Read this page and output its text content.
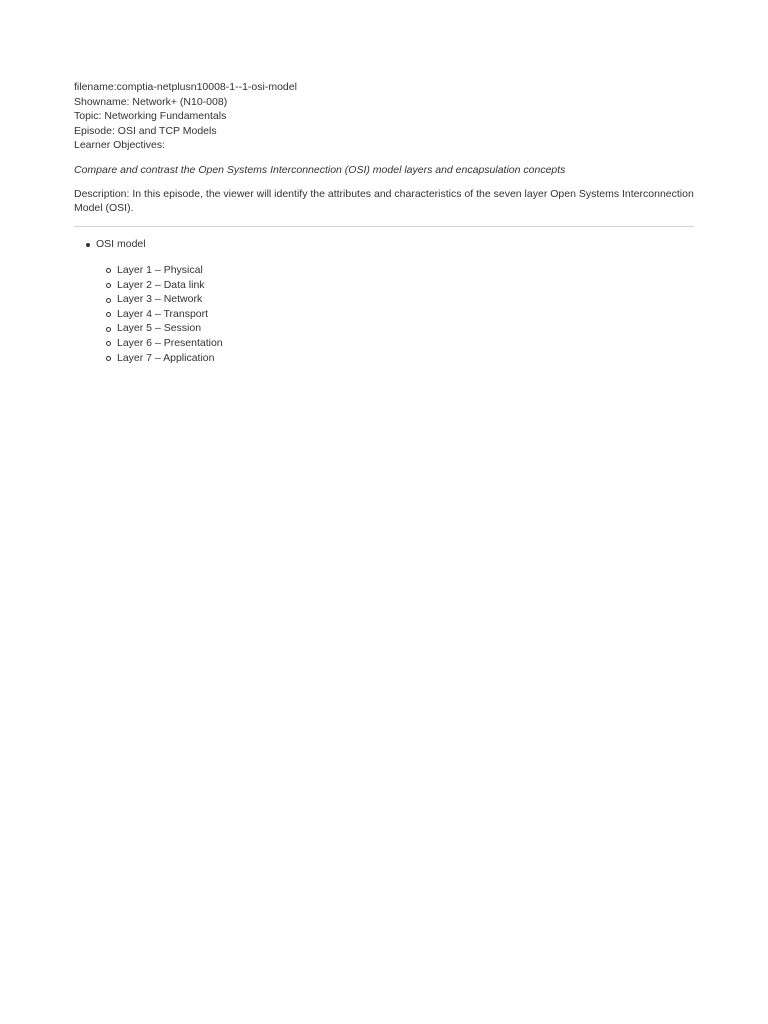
filename:comptia-netplusn10008-1--1-osi-model
Showname: Network+ (N10-008)
Topic: Networking Fundamentals
Episode: OSI and TCP Models
Learner Objectives:
Compare and contrast the Open Systems Interconnection (OSI) model layers and encapsulation concepts
Description: In this episode, the viewer will identify the attributes and characteristics of the seven layer Open Systems Interconnection Model (OSI).
OSI model
Layer 1 – Physical
Layer 2 – Data link
Layer 3 – Network
Layer 4 – Transport
Layer 5 – Session
Layer 6 – Presentation
Layer 7 – Application
